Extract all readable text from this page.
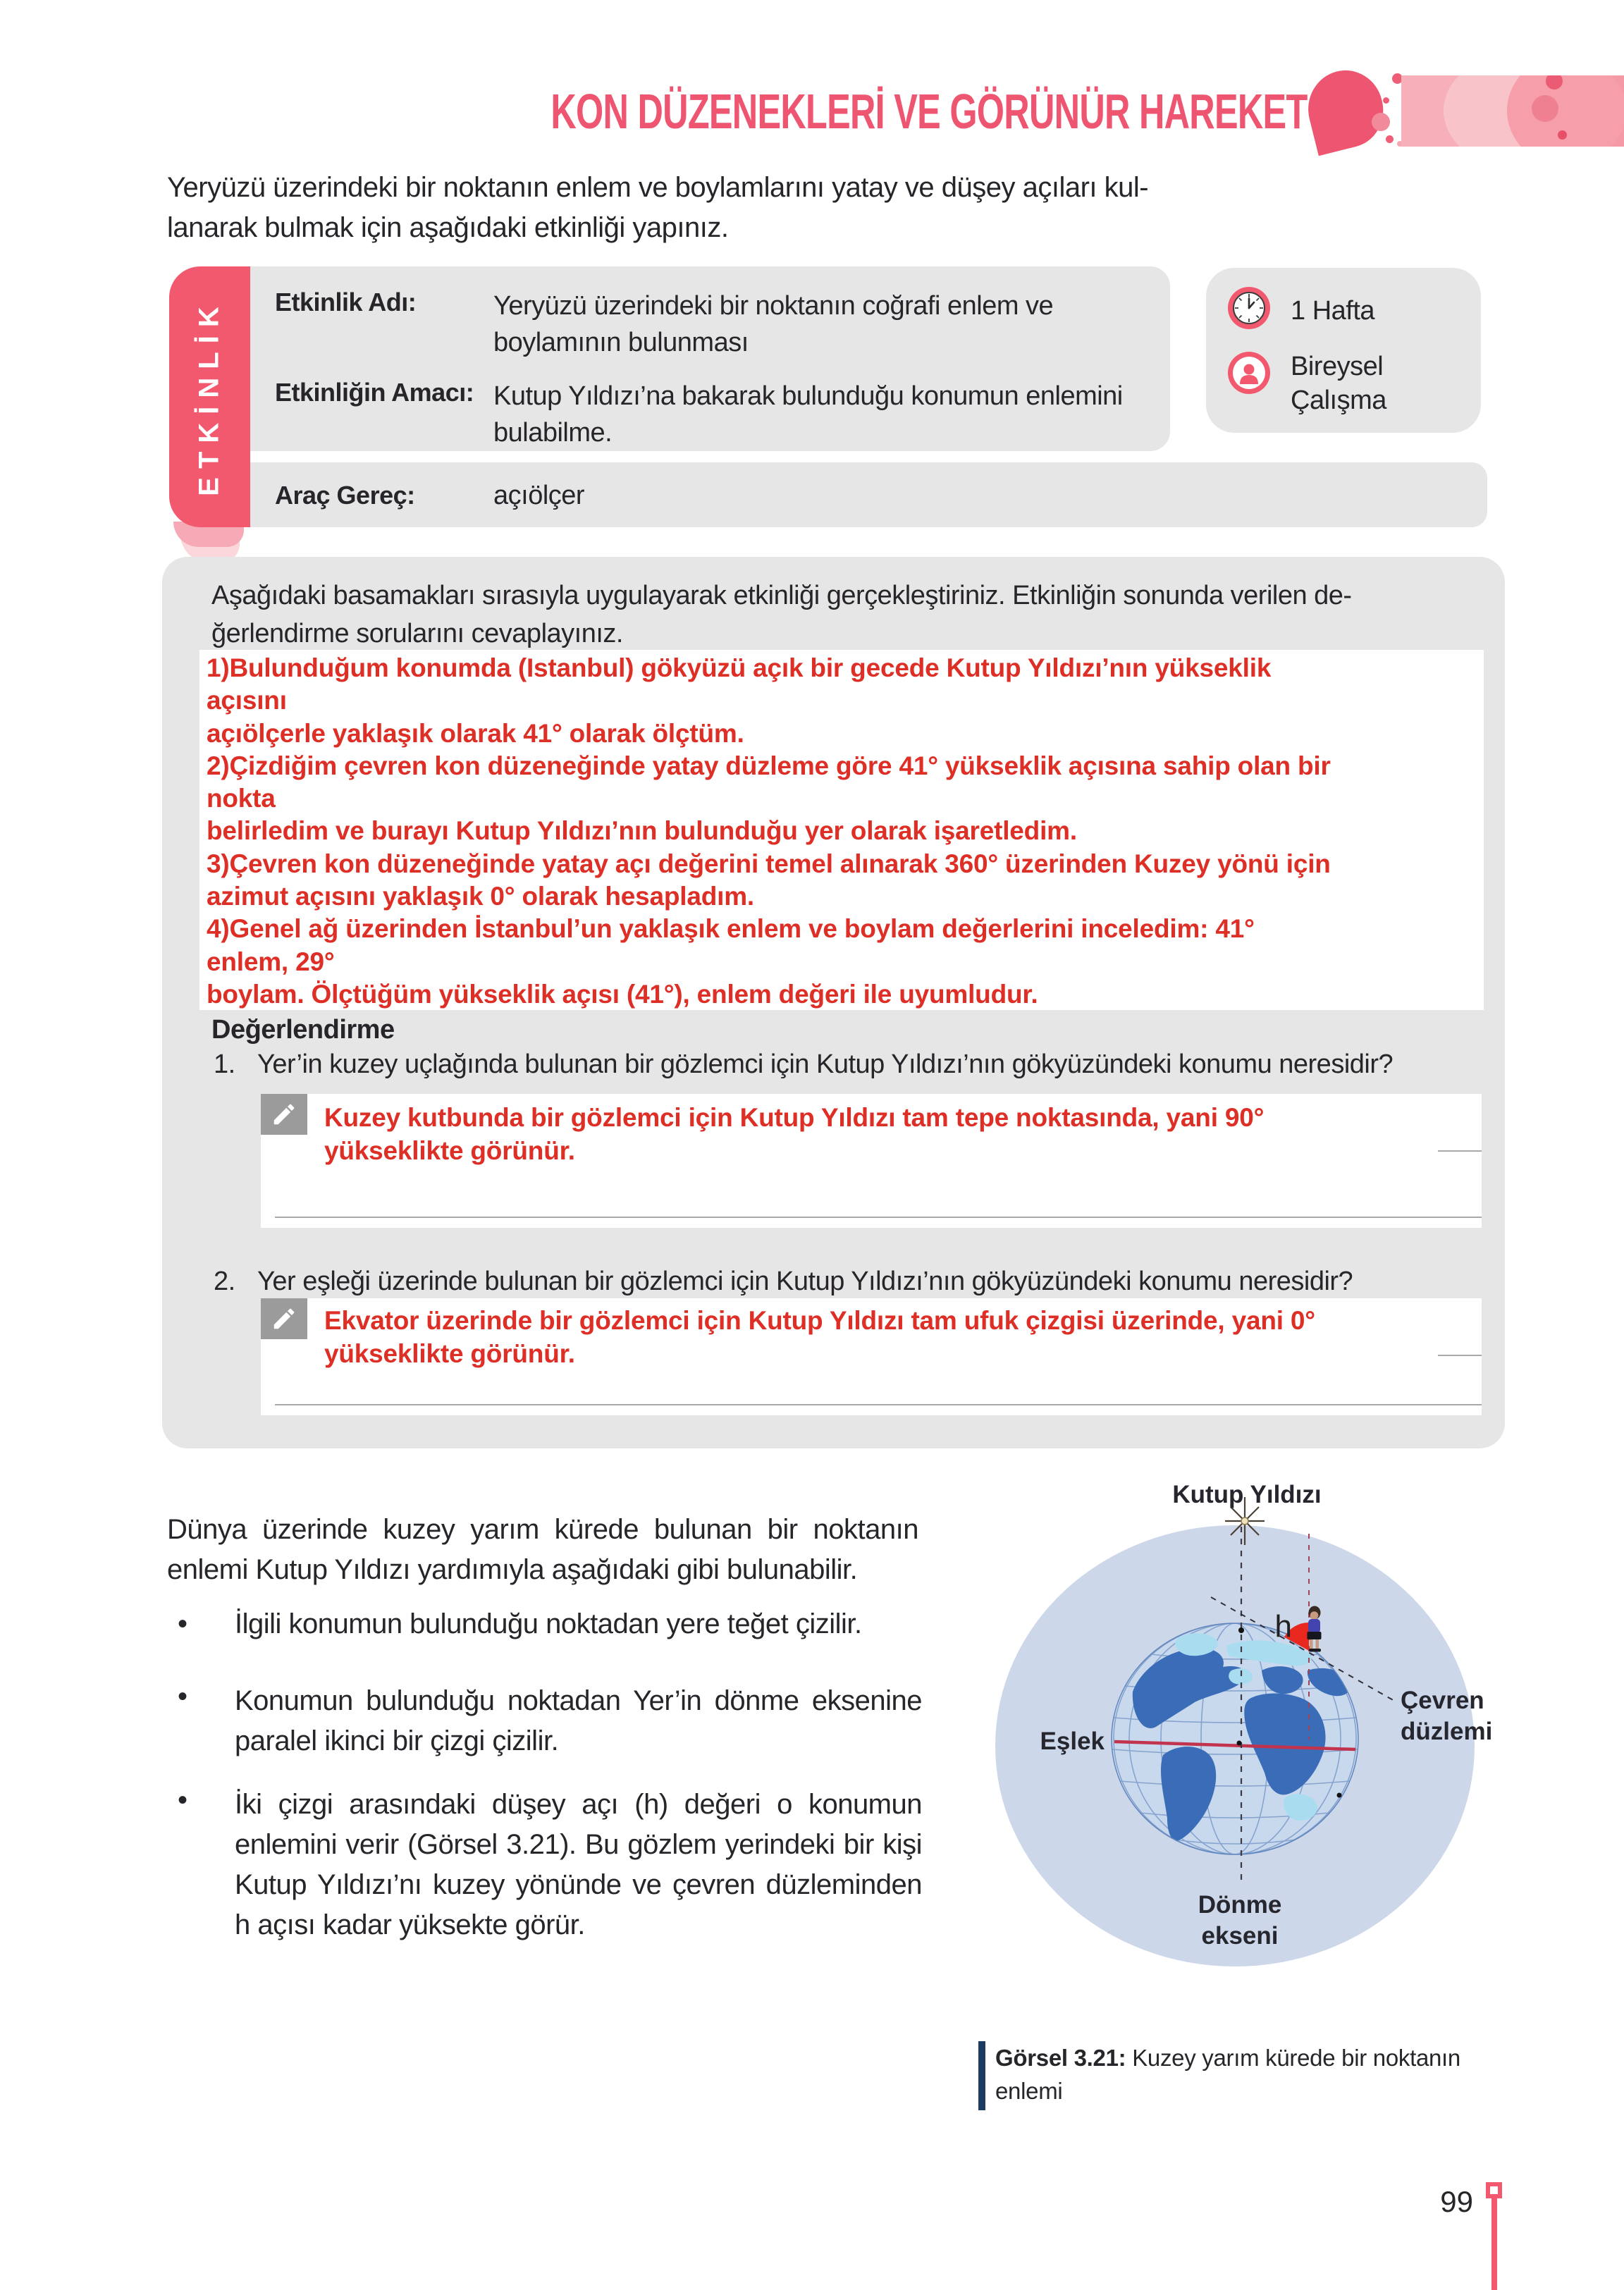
KON DÜZENEKLERİ VE GÖRÜNÜR HAREKET
Yeryüzü üzerindeki bir noktanın enlem ve boylamlarını yatay ve düşey açıları kul-
lanarak bulmak için aşağıdaki etkinliği yapınız.
ETKİNLİK Etkinlik Adı:	Yeryüzü üzerindeki bir noktanın coğrafi enlem ve
boylamının bulunması
Etkinliğin Amacı: Kutup Yıldızı’na bakarak bulunduğu konumun enlemini
bulabilme.
Araç Gereç:	açıölçer
1 Hafta
Bireysel
Çalışma
Aşağıdaki basamakları sırasıyla uygulayarak etkinliği gerçekleştiriniz. Etkinliğin sonunda verilen de-
ğerlendirme sorularını cevaplayınız.
1)Bulunduğum konumda (Istanbul) gökyüzü açık bir gecede Kutup Yıldızı’nın yükseklik
açısını
açıölçerle yaklaşık olarak 41° olarak ölçtüm.
2)Çizdiğim çevren kon düzeneğinde yatay düzleme göre 41° yükseklik açısına sahip olan bir
nokta
belirledim ve burayı Kutup Yıldızı’nın bulunduğu yer olarak işaretledim.
3)Çevren kon düzeneğinde yatay açı değerini temel alınarak 360° üzerinden Kuzey yönü için
azimut açısını yaklaşık 0° olarak hesapladım.
4)Genel ağ üzerinden İstanbul’un yaklaşık enlem ve boylam değerlerini inceledim: 41°
enlem, 29°
boylam. Ölçtüğüm yükseklik açısı (41°), enlem değeri ile uyumludur.
Değerlendirme
1. Yer’in kuzey uçlağında bulunan bir gözlemci için Kutup Yıldızı’nın gökyüzündeki konumu neresidir?
Kuzey kutbunda bir gözlemci için Kutup Yıldızı tam tepe noktasında, yani 90°
yükseklikte görünür.
2. Yer eşleği üzerinde bulunan bir gözlemci için Kutup Yıldızı’nın gökyüzündeki konumu neresidir?
Ekvator üzerinde bir gözlemci için Kutup Yıldızı tam ufuk çizgisi üzerinde, yani 0°
yükseklikte görünür.
Dünya üzerinde kuzey yarım kürede bulunan bir noktanın
enlemi Kutup Yıldızı yardımıyla aşağıdaki gibi bulunabilir.
• İlgili konumun bulunduğu noktadan yere teğet çizilir.
• Konumun bulunduğu noktadan Yer’in dönme eksenine paralel ikinci bir çizgi çizilir.
• İki çizgi arasındaki düşey açı (h) değeri o konumun enlemini verir (Görsel 3.21). Bu gözlem yerindeki bir kişi Kutup Yıldızı’nı kuzey yönünde ve çevren düzleminden h açısı kadar yüksekte görür.
h
Kutup Yıldızı
Eşlek
Çevren
düzlemi
Dönme
ekseni
Görsel 3.21: Kuzey yarım kürede bir noktanın
enlemi
99
